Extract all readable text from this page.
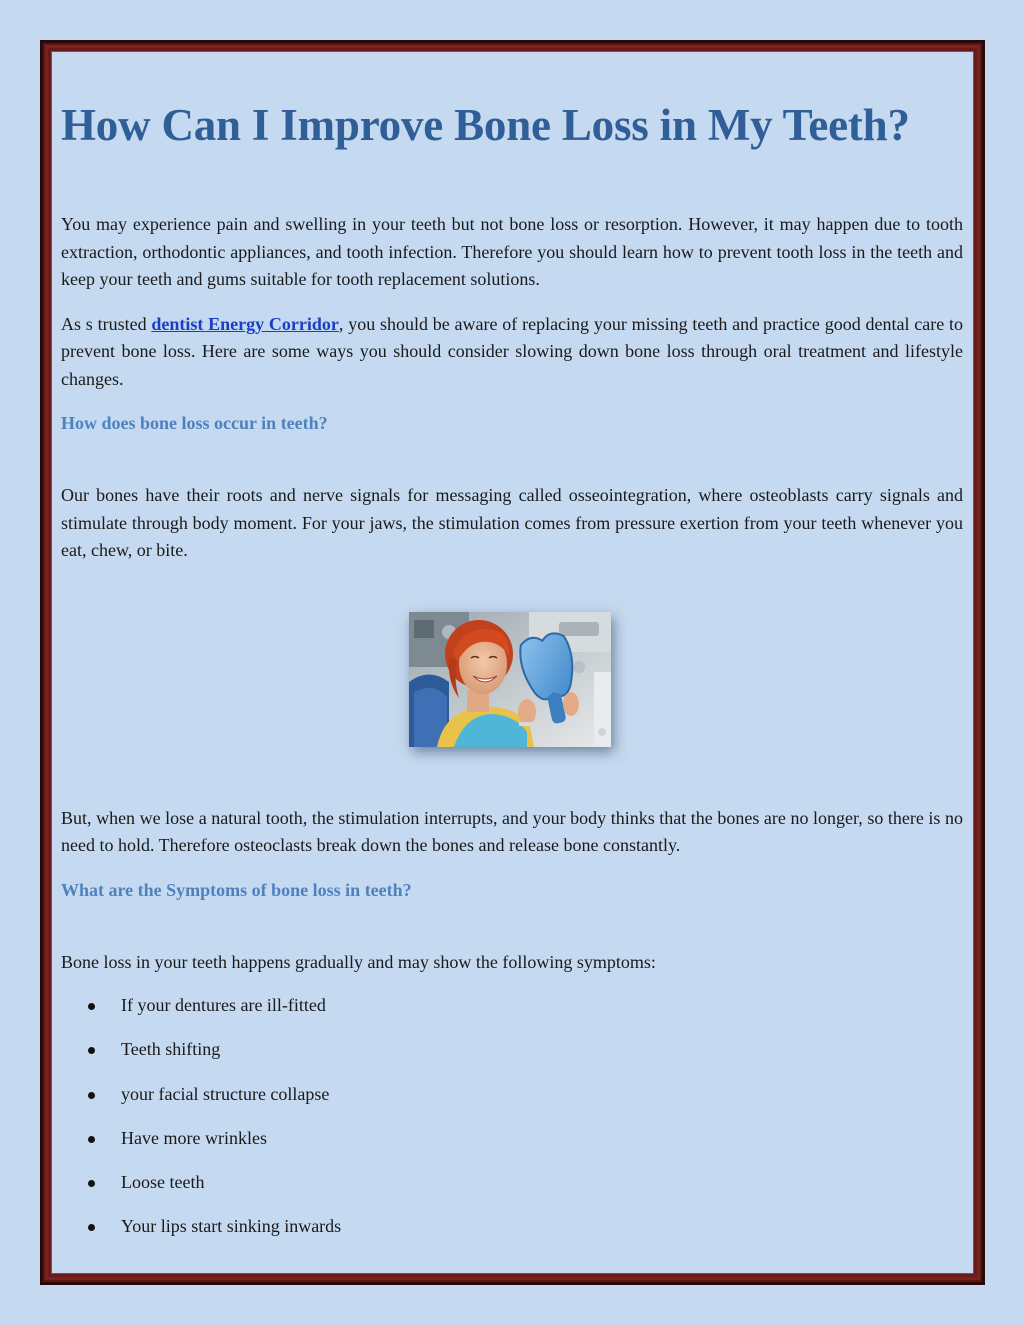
How Can I Improve Bone Loss in My Teeth?

You may experience pain and swelling in your teeth but not bone loss or resorption. However, it may happen due to tooth extraction, orthodontic appliances, and tooth infection. Therefore you should learn how to prevent tooth loss in the teeth and keep your teeth and gums suitable for tooth replacement solutions.

As s trusted dentist Energy Corridor, you should be aware of replacing your missing teeth and practice good dental care to prevent bone loss. Here are some ways you should consider slowing down bone loss through oral treatment and lifestyle changes.

How does bone loss occur in teeth?

Our bones have their roots and nerve signals for messaging called osseointegration, where osteoblasts carry signals and stimulate through body moment. For your jaws, the stimulation comes from pressure exertion from your teeth whenever you eat, chew, or bite.

But, when we lose a natural tooth, the stimulation interrupts, and your body thinks that the bones are no longer, so there is no need to hold. Therefore osteoclasts break down the bones and release bone constantly.

What are the Symptoms of bone loss in teeth?

Bone loss in your teeth happens gradually and may show the following symptoms:

If your dentures are ill-fitted
Teeth shifting
your facial structure collapse
Have more wrinkles
Loose teeth
Your lips start sinking inwards
